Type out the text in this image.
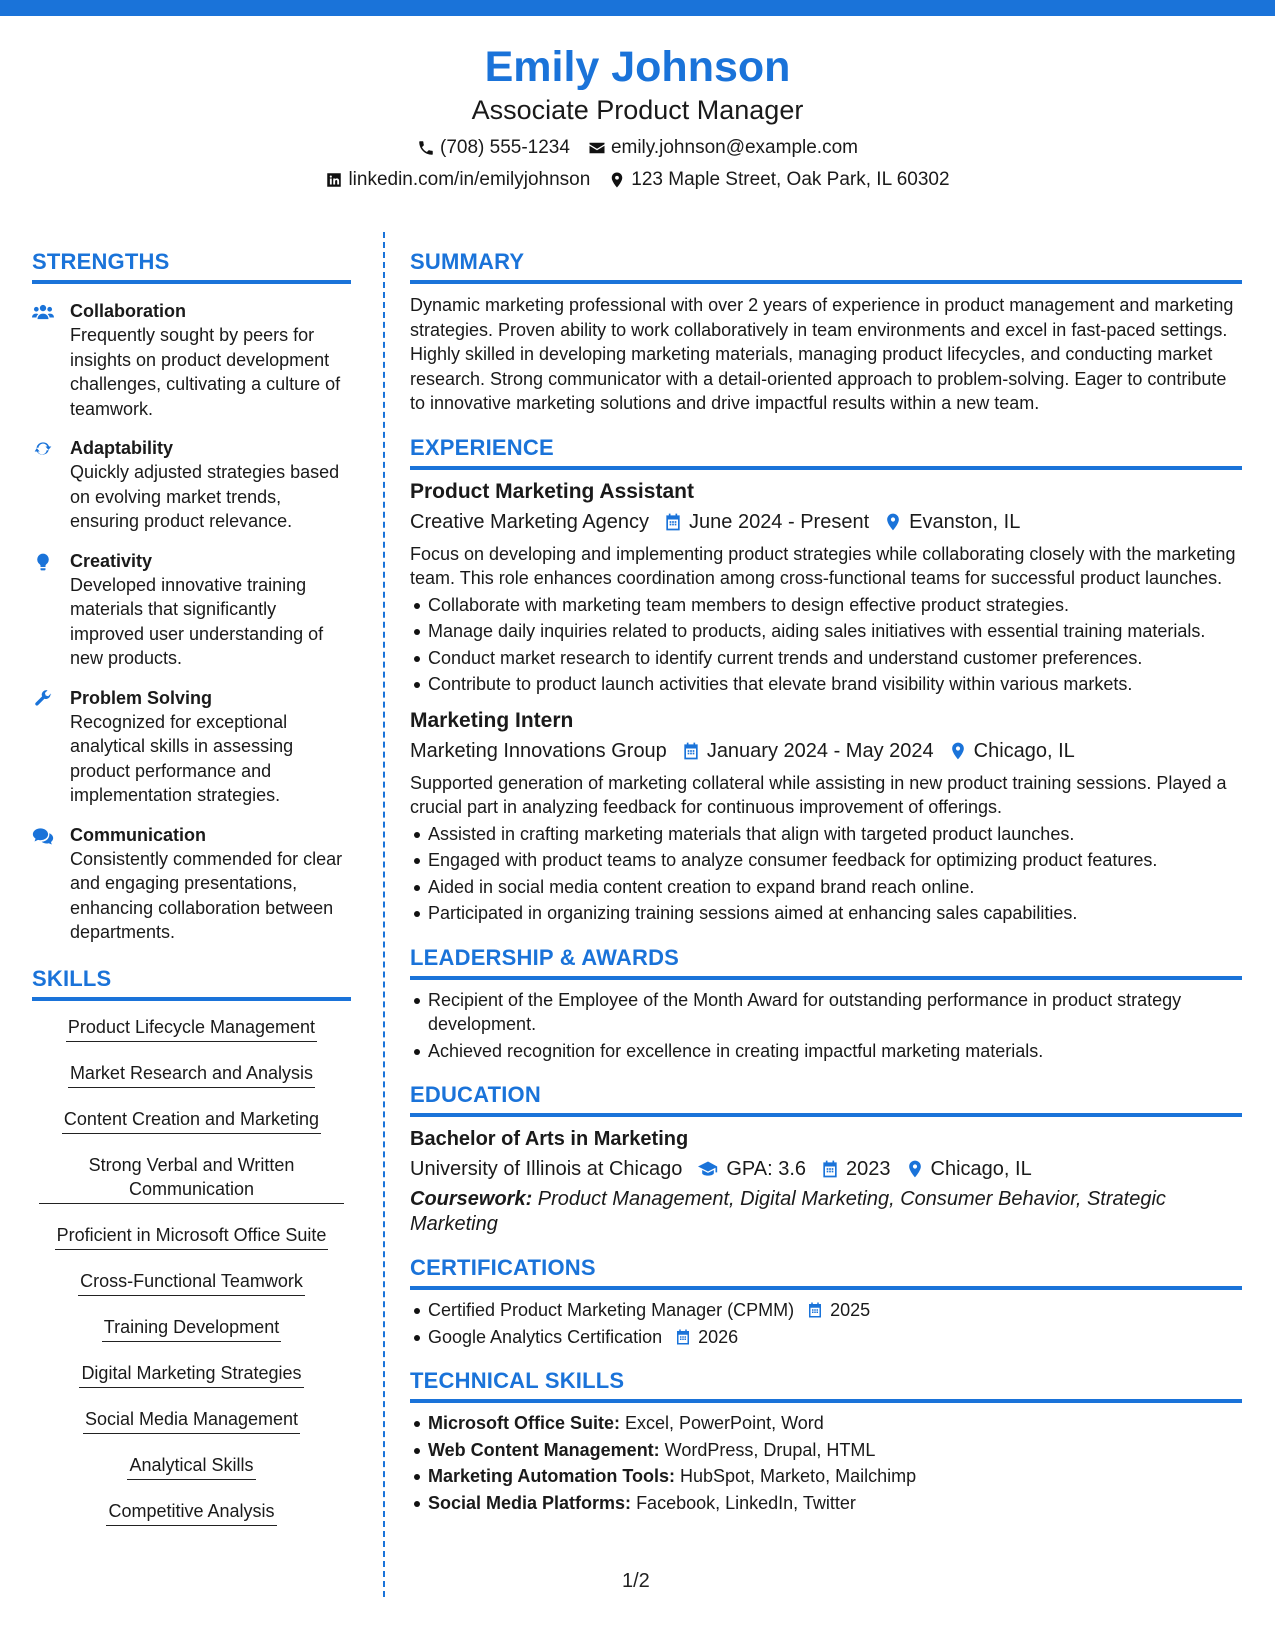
Emily Johnson
Associate Product Manager
(708) 555-1234 emily.johnson@example.com
linkedin.com/in/emilyjohnson 123 Maple Street, Oak Park, IL 60302
STRENGTHS
Collaboration
Frequently sought by peers for insights on product development challenges, cultivating a culture of teamwork.
Adaptability
Quickly adjusted strategies based on evolving market trends, ensuring product relevance.
Creativity
Developed innovative training materials that significantly improved user understanding of new products.
Problem Solving
Recognized for exceptional analytical skills in assessing product performance and implementation strategies.
Communication
Consistently commended for clear and engaging presentations, enhancing collaboration between departments.
SKILLS
Product Lifecycle Management
Market Research and Analysis
Content Creation and Marketing
Strong Verbal and Written Communication
Proficient in Microsoft Office Suite
Cross-Functional Teamwork
Training Development
Digital Marketing Strategies
Social Media Management
Analytical Skills
Competitive Analysis
SUMMARY
Dynamic marketing professional with over 2 years of experience in product management and marketing strategies. Proven ability to work collaboratively in team environments and excel in fast-paced settings. Highly skilled in developing marketing materials, managing product lifecycles, and conducting market research. Strong communicator with a detail-oriented approach to problem-solving. Eager to contribute to innovative marketing solutions and drive impactful results within a new team.
EXPERIENCE
Product Marketing Assistant
Creative Marketing Agency June 2024 - Present Evanston, IL
Focus on developing and implementing product strategies while collaborating closely with the marketing team. This role enhances coordination among cross-functional teams for successful product launches.
Collaborate with marketing team members to design effective product strategies.
Manage daily inquiries related to products, aiding sales initiatives with essential training materials.
Conduct market research to identify current trends and understand customer preferences.
Contribute to product launch activities that elevate brand visibility within various markets.
Marketing Intern
Marketing Innovations Group January 2024 - May 2024 Chicago, IL
Supported generation of marketing collateral while assisting in new product training sessions. Played a crucial part in analyzing feedback for continuous improvement of offerings.
Assisted in crafting marketing materials that align with targeted product launches.
Engaged with product teams to analyze consumer feedback for optimizing product features.
Aided in social media content creation to expand brand reach online.
Participated in organizing training sessions aimed at enhancing sales capabilities.
LEADERSHIP & AWARDS
Recipient of the Employee of the Month Award for outstanding performance in product strategy development.
Achieved recognition for excellence in creating impactful marketing materials.
EDUCATION
Bachelor of Arts in Marketing
University of Illinois at Chicago GPA: 3.6 2023 Chicago, IL
Coursework: Product Management, Digital Marketing, Consumer Behavior, Strategic Marketing
CERTIFICATIONS
Certified Product Marketing Manager (CPMM) 2025
Google Analytics Certification 2026
TECHNICAL SKILLS
Microsoft Office Suite: Excel, PowerPoint, Word
Web Content Management: WordPress, Drupal, HTML
Marketing Automation Tools: HubSpot, Marketo, Mailchimp
Social Media Platforms: Facebook, LinkedIn, Twitter
1/2
